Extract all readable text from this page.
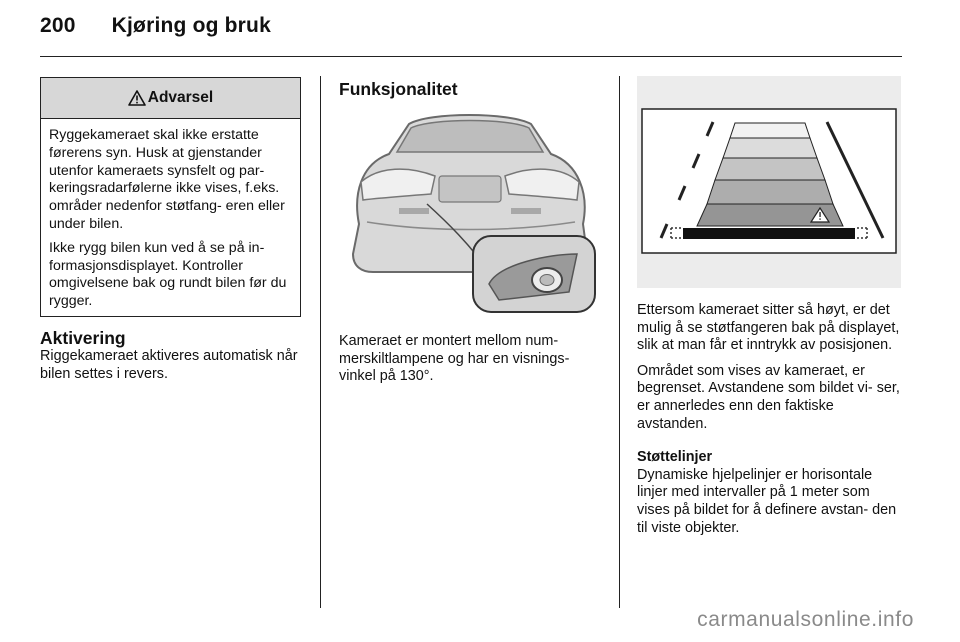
200 Kjøring og bruk
Advarsel

Ryggekameraet skal ikke erstatte førerens syn. Husk at gjenstander utenfor kameraets synsfelt og par- keringsradarfølerne ikke vises, f.eks. områder nedenfor støtfang- eren eller under bilen.

Ikke rygg bilen kun ved å se på in- formasjonsdisplayet. Kontroller omgivelsene bak og rundt bilen før du rygger.

Aktivering
Riggekameraet aktiveres automatisk når bilen settes i revers.
Funksjonalitet
Kameraet er montert mellom num- merskiltlampene og har en visnings- vinkel på 130°.

Ettersom kameraet sitter så høyt, er det mulig å se støtfangeren bak på displayet, slik at man får et inntrykk av posisjonen.

Området som vises av kameraet, er begrenset. Avstandene som bildet vi- ser, er annerledes enn den faktiske avstanden.

Støttelinjer

Dynamiske hjelpelinjer er horisontale linjer med intervaller på 1 meter som vises på bildet for å definere avstan- den til viste objekter.

carmanualsonline.info
